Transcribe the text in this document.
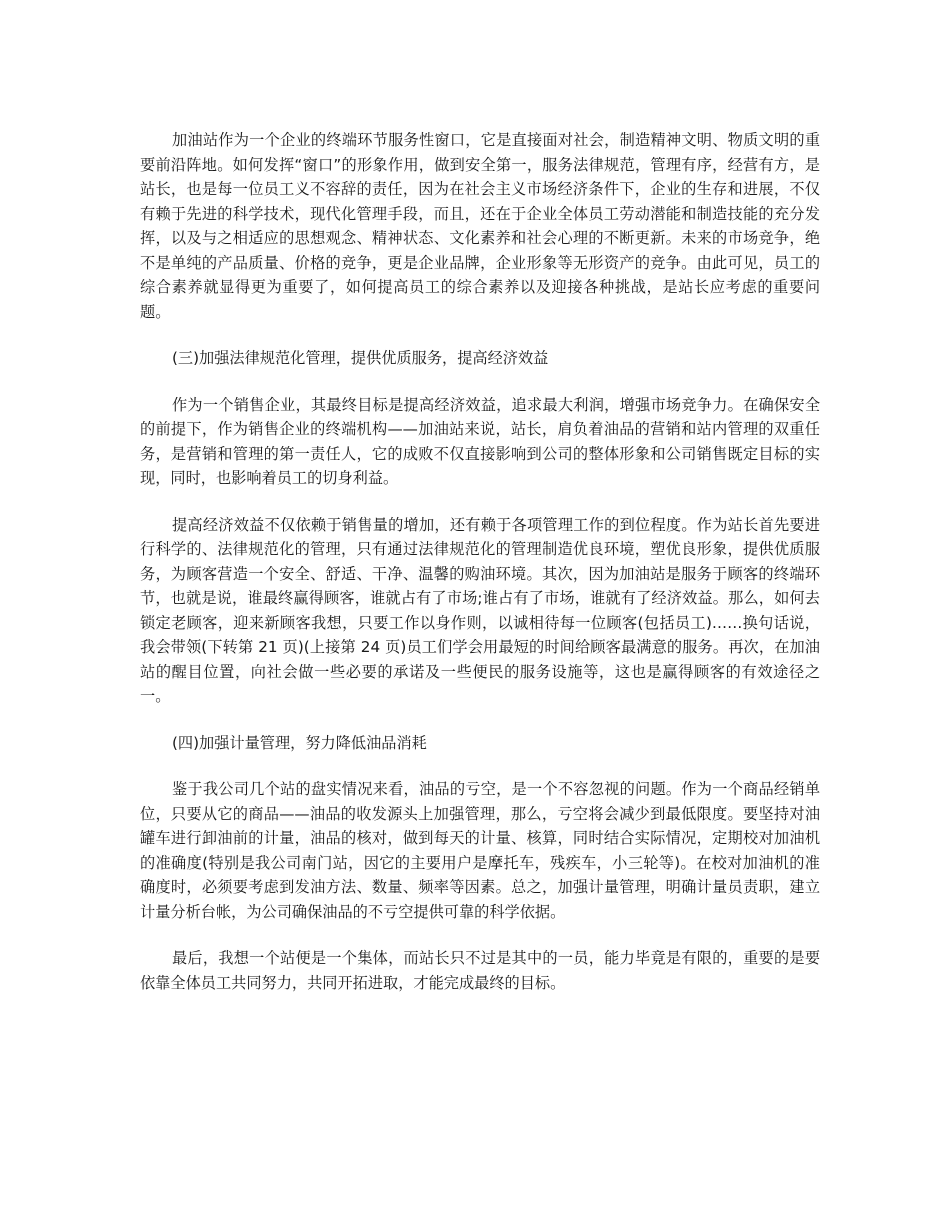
加油站作为一个企业的终端环节服务性窗口，它是直接面对社会，制造精神文明、物质文明的重要前沿阵地。如何发挥“窗口”的形象作用，做到安全第一，服务法律规范，管理有序，经营有方，是站长，也是每一位员工义不容辞的责任，因为在社会主义市场经济条件下，企业的生存和进展，不仅有赖于先进的科学技术，现代化管理手段，而且，还在于企业全体员工劳动潜能和制造技能的充分发挥，以及与之相适应的思想观念、精神状态、文化素养和社会心理的不断更新。未来的市场竞争，绝不是单纯的产品质量、价格的竞争，更是企业品牌，企业形象等无形资产的竞争。由此可见，员工的综合素养就显得更为重要了，如何提高员工的综合素养以及迎接各种挑战，是站长应考虑的重要问题。

(三)加强法律规范化管理，提供优质服务，提高经济效益

作为一个销售企业，其最终目标是提高经济效益，追求最大利润，增强市场竞争力。在确保安全的前提下，作为销售企业的终端机构——加油站来说，站长，肩负着油品的营销和站内管理的双重任务，是营销和管理的第一责任人，它的成败不仅直接影响到公司的整体形象和公司销售既定目标的实现，同时，也影响着员工的切身利益。

提高经济效益不仅依赖于销售量的增加，还有赖于各项管理工作的到位程度。作为站长首先要进行科学的、法律规范化的管理，只有通过法律规范化的管理制造优良环境，塑优良形象，提供优质服务，为顾客营造一个安全、舒适、干净、温馨的购油环境。其次，因为加油站是服务于顾客的终端环节，也就是说，谁最终赢得顾客，谁就占有了市场;谁占有了市场，谁就有了经济效益。那么，如何去锁定老顾客，迎来新顾客我想，只要工作以身作则，以诚相待每一位顾客(包括员工)……换句话说，我会带领(下转第 21 页)(上接第 24 页)员工们学会用最短的时间给顾客最满意的服务。再次，在加油站的醒目位置，向社会做一些必要的承诺及一些便民的服务设施等，这也是赢得顾客的有效途径之一。

(四)加强计量管理，努力降低油品消耗

鉴于我公司几个站的盘实情况来看，油品的亏空，是一个不容忽视的问题。作为一个商品经销单位，只要从它的商品——油品的收发源头上加强管理，那么，亏空将会减少到最低限度。要坚持对油罐车进行卸油前的计量，油品的核对，做到每天的计量、核算，同时结合实际情况，定期校对加油机的准确度(特别是我公司南门站，因它的主要用户是摩托车，残疾车，小三轮等)。在校对加油机的准确度时，必须要考虑到发油方法、数量、频率等因素。总之，加强计量管理，明确计量员责职，建立计量分析台帐，为公司确保油品的不亏空提供可靠的科学依据。

最后，我想一个站便是一个集体，而站长只不过是其中的一员，能力毕竟是有限的，重要的是要依靠全体员工共同努力，共同开拓进取，才能完成最终的目标。
